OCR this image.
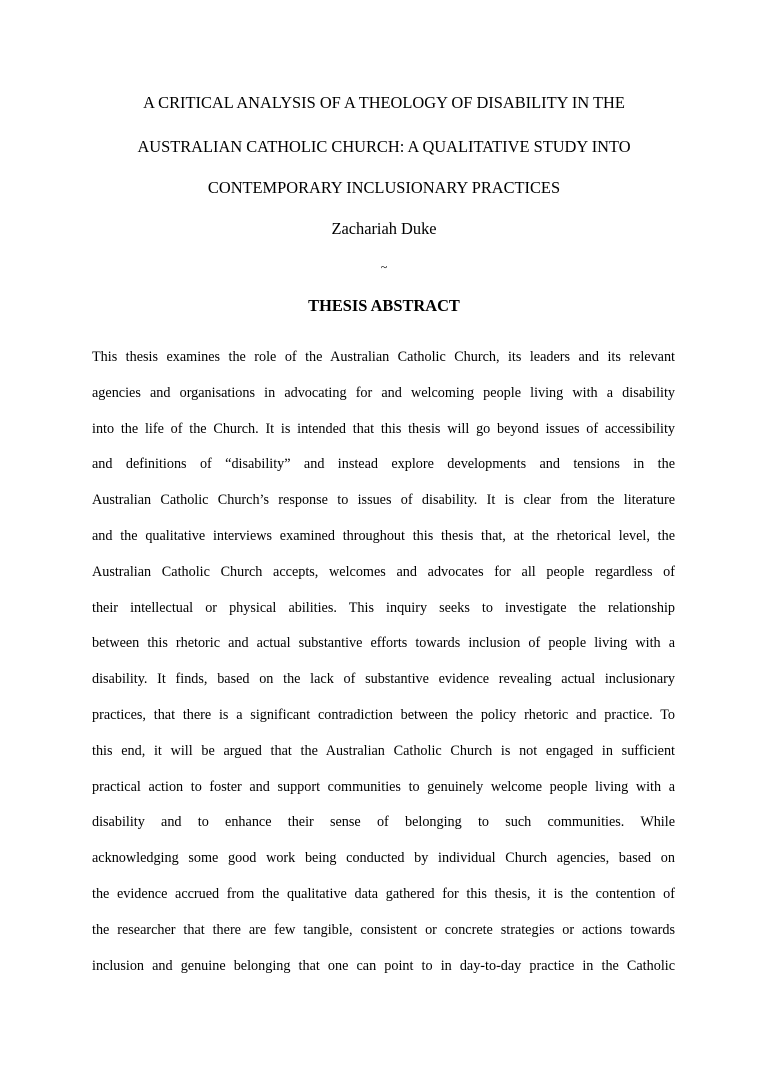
A CRITICAL ANALYSIS OF A THEOLOGY OF DISABILITY IN THE
AUSTRALIAN CATHOLIC CHURCH: A QUALITATIVE STUDY INTO
CONTEMPORARY INCLUSIONARY PRACTICES
Zachariah Duke
~
THESIS ABSTRACT
This thesis examines the role of the Australian Catholic Church, its leaders and its relevant
agencies and organisations in advocating for and welcoming people living with a disability
into the life of the Church. It is intended that this thesis will go beyond issues of accessibility
and definitions of “disability” and instead explore developments and tensions in the
Australian Catholic Church’s response to issues of disability. It is clear from the literature
and the qualitative interviews examined throughout this thesis that, at the rhetorical level, the
Australian Catholic Church accepts, welcomes and advocates for all people regardless of
their intellectual or physical abilities. This inquiry seeks to investigate the relationship
between this rhetoric and actual substantive efforts towards inclusion of people living with a
disability. It finds, based on the lack of substantive evidence revealing actual inclusionary
practices, that there is a significant contradiction between the policy rhetoric and practice. To
this end, it will be argued that the Australian Catholic Church is not engaged in sufficient
practical action to foster and support communities to genuinely welcome people living with a
disability and to enhance their sense of belonging to such communities. While
acknowledging some good work being conducted by individual Church agencies, based on
the evidence accrued from the qualitative data gathered for this thesis, it is the contention of
the researcher that there are few tangible, consistent or concrete strategies or actions towards
inclusion and genuine belonging that one can point to in day-to-day practice in the Catholic
